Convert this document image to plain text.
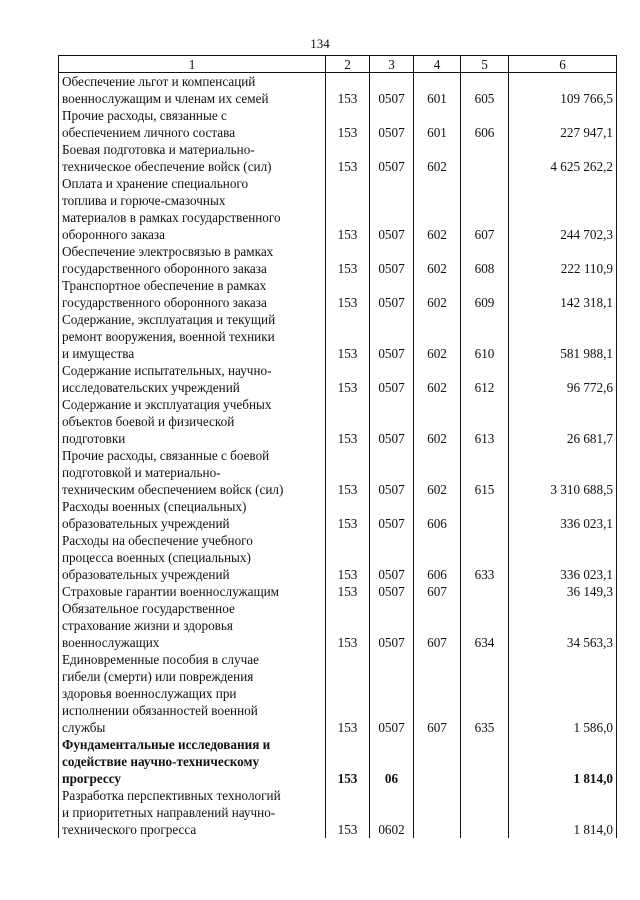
134
1	2	3	4	5	6

Обеспечение льгот и компенсаций
военнослужащим и членам их семей	153	0507	601	605	109 766,5

Прочие расходы, связанные с
обеспечением личного состава	153	0507	601	606	227 947,1

Боевая подготовка и материально-
техническое обеспечение войск (сил)	153	0507	602		4 625 262,2

Оплата и хранение специального
топлива и горюче-смазочных
материалов в рамках государственного
оборонного заказа	153	0507	602	607	244 702,3

Обеспечение электросвязью в рамках
государственного оборонного заказа	153	0507	602	608	222 110,9

Транспортное обеспечение в рамках
государственного оборонного заказа	153	0507	602	609	142 318,1

Содержание, эксплуатация и текущий
ремонт вооружения, военной техники
и имущества	153	0507	602	610	581 988,1

Содержание испытательных, научно-
исследовательских учреждений	153	0507	602	612	96 772,6

Содержание и эксплуатация учебных
объектов боевой и физической
подготовки	153	0507	602	613	26 681,7

Прочие расходы, связанные с боевой
подготовкой и материально-
техническим обеспечением войск (сил)	153	0507	602	615	3 310 688,5

Расходы военных (специальных)
образовательных учреждений	153	0507	606		336 023,1

Расходы на обеспечение учебного
процесса военных (специальных)
образовательных учреждений	153	0507	606	633	336 023,1

Страховые гарантии военнослужащим	153	0507	607		36 149,3

Обязательное государственное
страхование жизни и здоровья
военнослужащих	153	0507	607	634	34 563,3

Единовременные пособия в случае
гибели (смерти) или повреждения
здоровья военнослужащих при
исполнении обязанностей военной
службы	153	0507	607	635	1 586,0

Фундаментальные исследования и
содействие научно-техническому
прогрессу	153	06			1 814,0

Разработка перспективных технологий
и приоритетных направлений научно-
технического прогресса	153	0602			1 814,0
